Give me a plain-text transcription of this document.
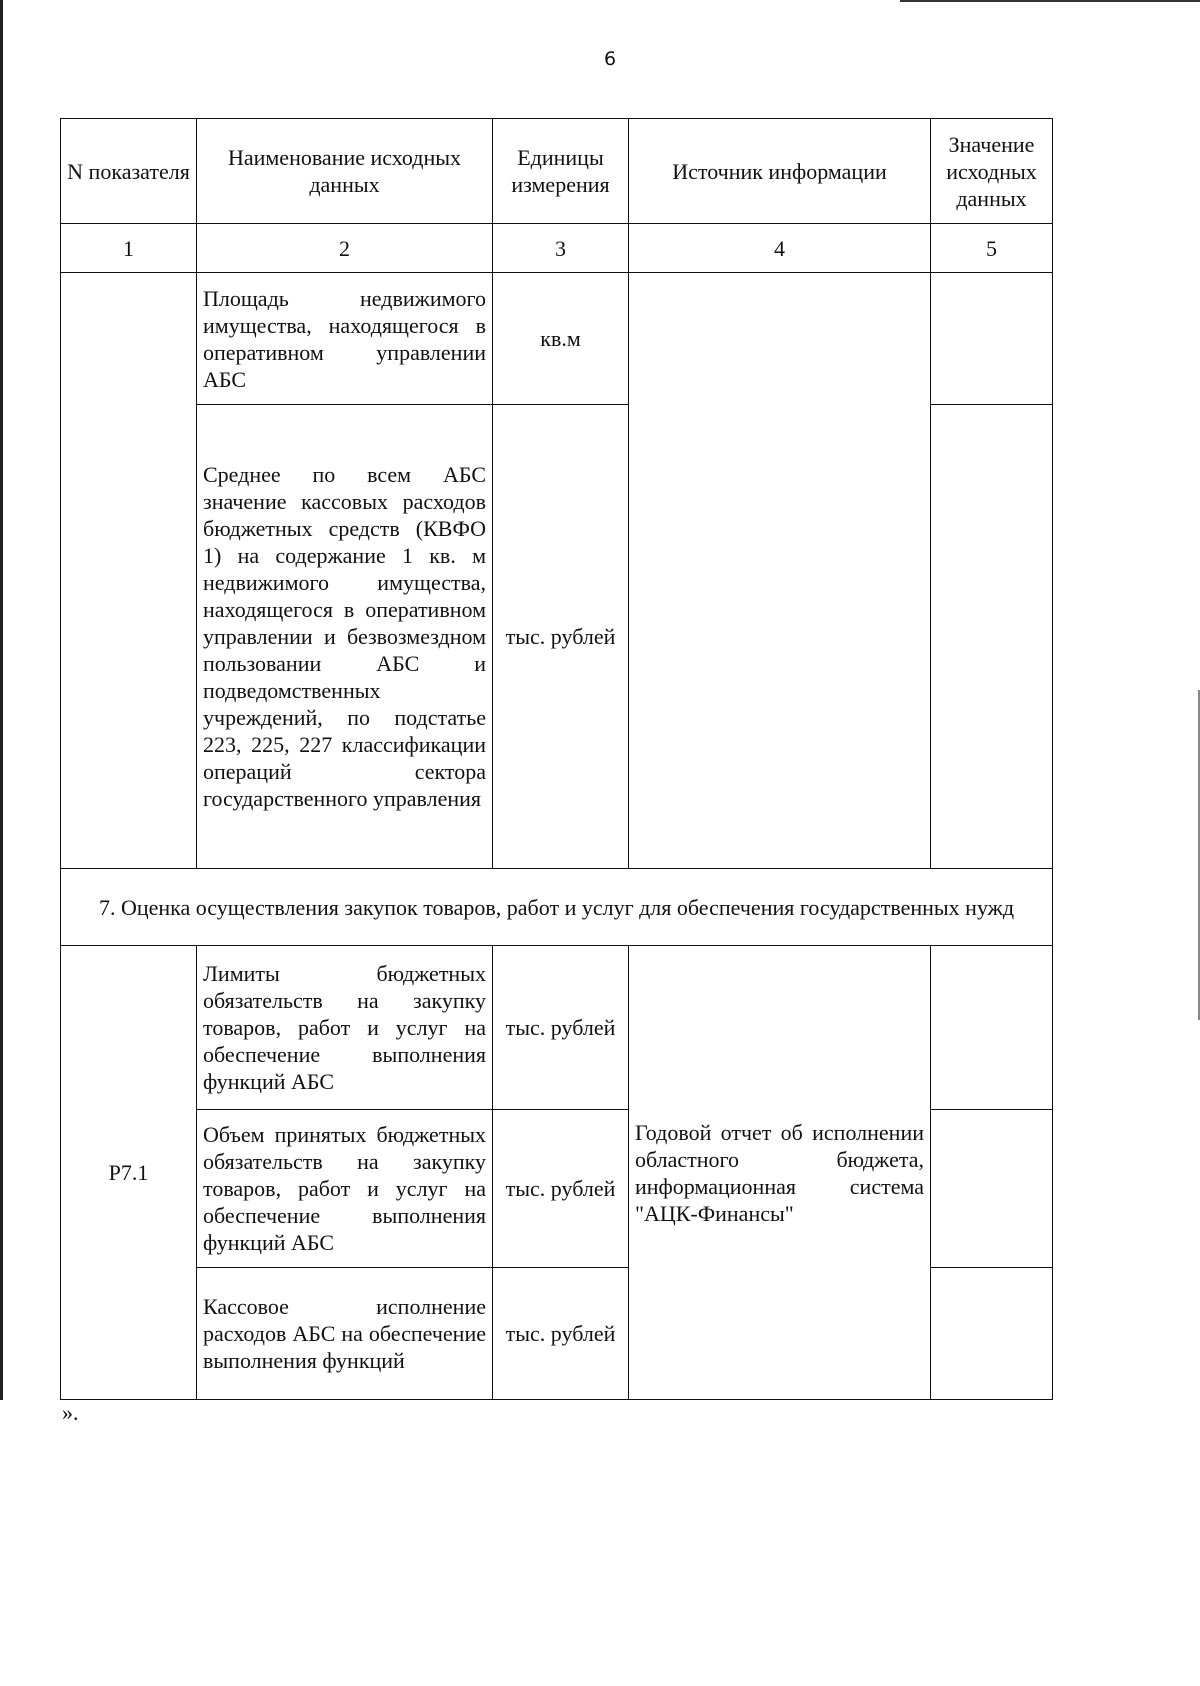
6
N показателя	Наименование исходных данных	Единицы измерения	Источник информации	Значение исходных данных
1	2	3	4	5
	Площадь недвижимого имущества, находящегося в оперативном управлении АБС	кв.м		
	Среднее по всем АБС значение кассовых расходов бюджетных средств (КВФО 1) на содержание 1 кв. м недвижимого имущества, находящегося в оперативном управлении и безвозмездном пользовании АБС и подведомственных учреждений, по подстатье 223, 225, 227 классификации операций сектора государственного управления	тыс. рублей		
7. Оценка осуществления закупок товаров, работ и услуг для обеспечения государственных нужд				
Р7.1	Лимиты бюджетных обязательств на закупку товаров, работ и услуг на обеспечение выполнения функций АБС	тыс. рублей	Годовой отчет об исполнении областного бюджета, информационная система "АЦК-Финансы"	
	Объем принятых бюджетных обязательств на закупку товаров, работ и услуг на обеспечение выполнения функций АБС	тыс. рублей		
	Кассовое исполнение расходов АБС на обеспечение выполнения функций	тыс. рублей		
».
